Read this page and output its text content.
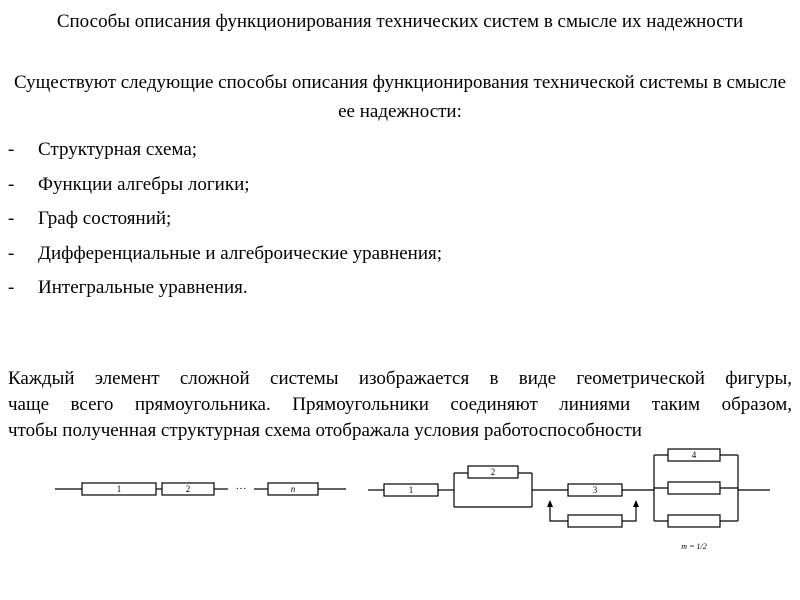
Способы описания функционирования технических систем в смысле их надежности
Существуют следующие способы описания функционирования технической системы в смысле ее надежности:
- Структурная схема;
- Функции алгебры логики;
- Граф состояний;
- Дифференциальные и алгеброические уравнения;
- Интегральные уравнения.
Каждый элемент сложной системы изображается в виде геометрической фигуры,
чаще всего прямоугольника. Прямоугольники соединяют линиями таким образом,
чтобы полученная структурная схема отображала условия работоспособности
1	2	n
···	1
2
3
4
m = 1/2
